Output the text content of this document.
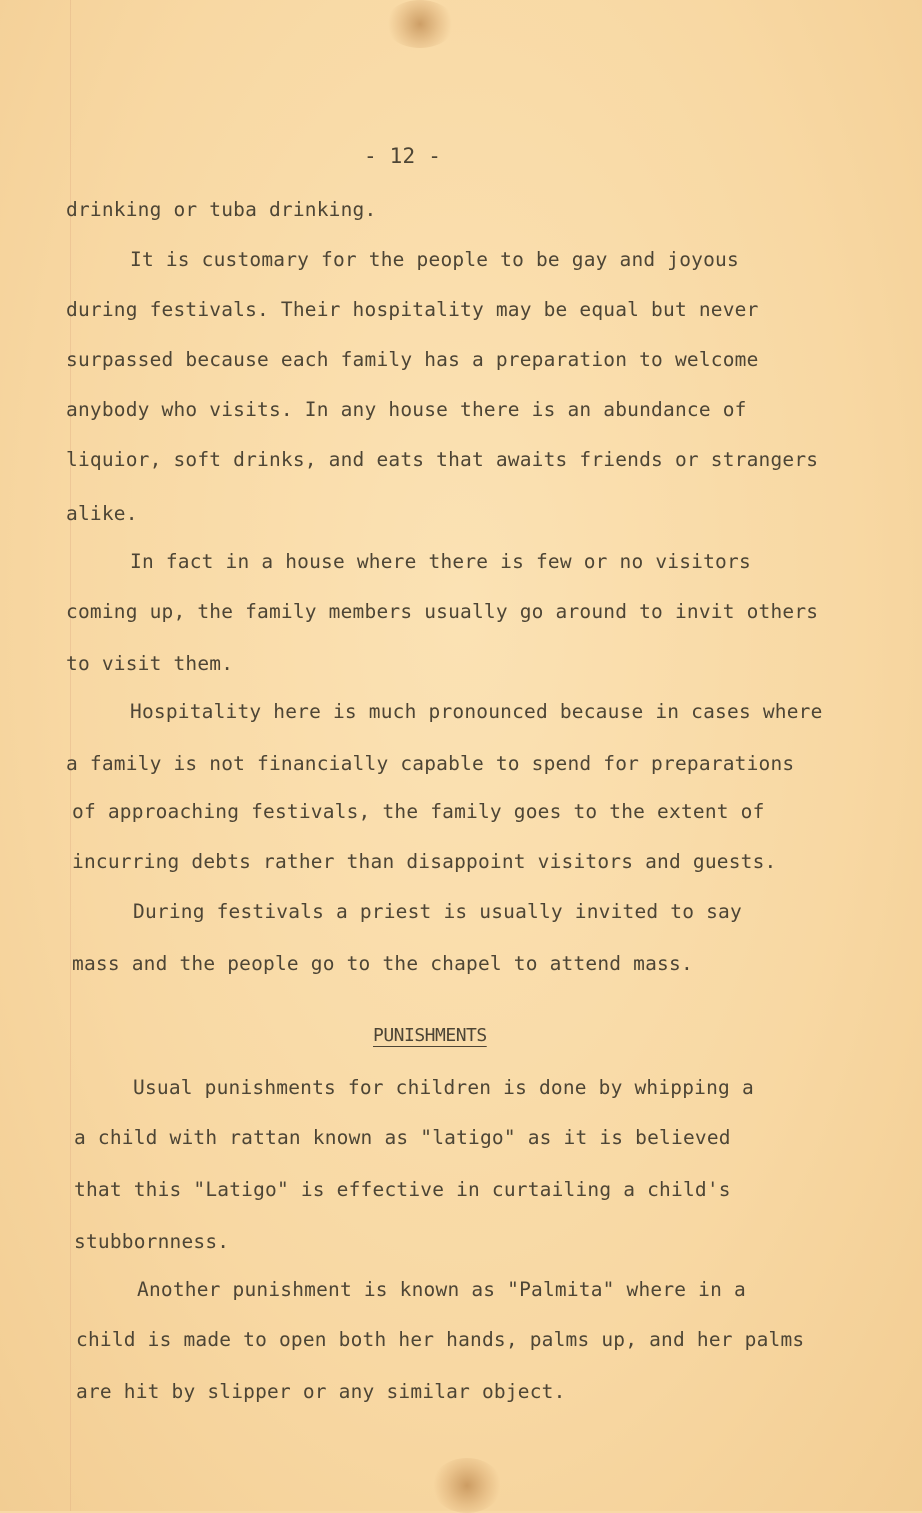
- 12 -
drinking or tuba drinking.
It is customary for the people to be gay and joyous
during festivals. Their hospitality may be equal but never
surpassed because each family has a preparation to welcome
anybody who visits. In any house there is an abundance of
liquior, soft drinks, and eats that awaits friends or strangers
alike.
In fact in a house where there is few or no visitors
coming up, the family members usually go around to invit others
to visit them.
Hospitality here is much pronounced because in cases where
a family is not financially capable to spend for preparations
of approaching festivals, the family goes to the extent of
incurring debts rather than disappoint visitors and guests.
During festivals a priest is usually invited to say
mass and the people go to the chapel to attend mass.
PUNISHMENTS
Usual punishments for children is done by whipping a
a child with rattan known as "latigo" as it is believed
that this "Latigo" is effective in curtailing a child's
stubbornness.
Another punishment is known as "Palmita" where in a
child is made to open both her hands, palms up, and her palms
are hit by slipper or any similar object.
